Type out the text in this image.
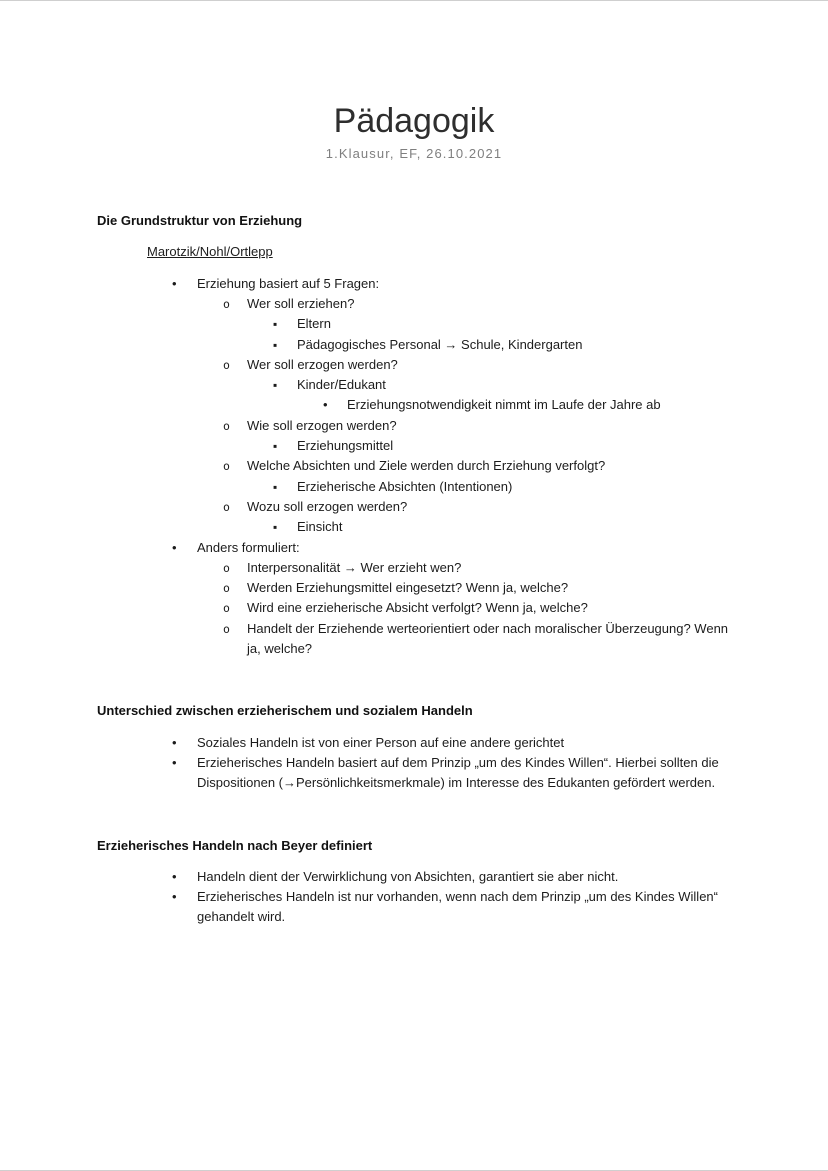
Pädagogik
1.Klausur, EF, 26.10.2021
Die Grundstruktur von Erziehung
Marotzik/Nohl/Ortlepp
• Erziehung basiert auf 5 Fragen:
o Wer soll erziehen?
▪ Eltern
▪ Pädagogisches Personal → Schule, Kindergarten
o Wer soll erzogen werden?
▪ Kinder/Edukant
• Erziehungsnotwendigkeit nimmt im Laufe der Jahre ab
o Wie soll erzogen werden?
▪ Erziehungsmittel
o Welche Absichten und Ziele werden durch Erziehung verfolgt?
▪ Erzieherische Absichten (Intentionen)
o Wozu soll erzogen werden?
▪ Einsicht
• Anders formuliert:
o Interpersonalität → Wer erzieht wen?
o Werden Erziehungsmittel eingesetzt? Wenn ja, welche?
o Wird eine erzieherische Absicht verfolgt? Wenn ja, welche?
o Handelt der Erziehende werteorientiert oder nach moralischer Überzeugung? Wenn ja, welche?
Unterschied zwischen erzieherischem und sozialem Handeln
• Soziales Handeln ist von einer Person auf eine andere gerichtet
• Erzieherisches Handeln basiert auf dem Prinzip „um des Kindes Willen“. Hierbei sollten die Dispositionen (→Persönlichkeitsmerkmale) im Interesse des Edukanten gefördert werden.
Erzieherisches Handeln nach Beyer definiert
• Handeln dient der Verwirklichung von Absichten, garantiert sie aber nicht.
• Erzieherisches Handeln ist nur vorhanden, wenn nach dem Prinzip „um des Kindes Willen“ gehandelt wird.
